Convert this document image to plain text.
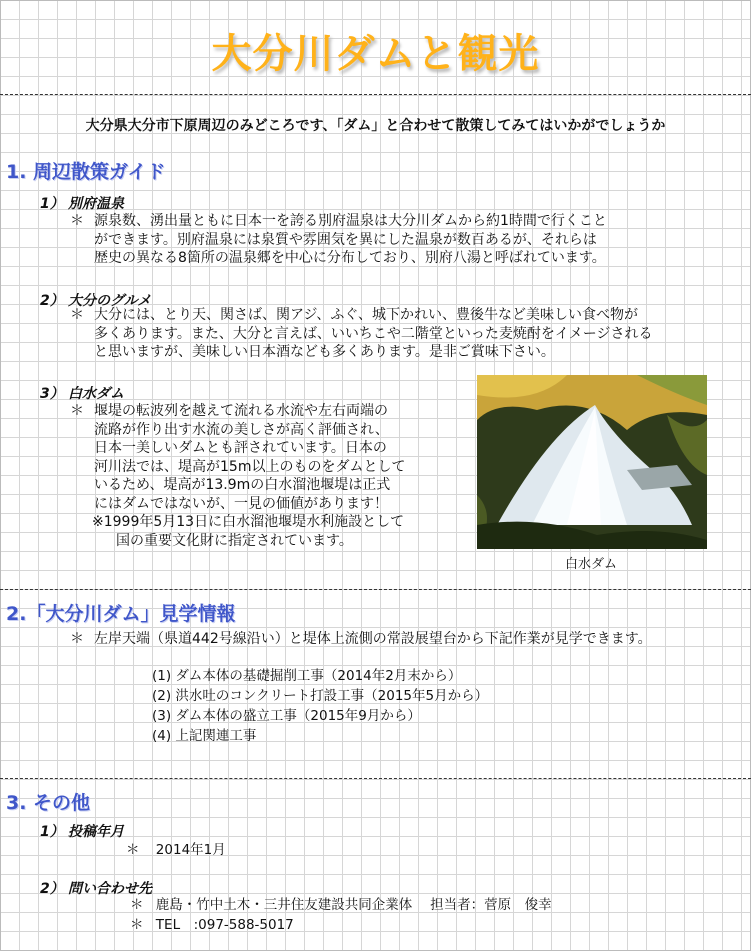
大分川ダムと観光
大分県大分市下原周辺のみどころです、「ダム」と合わせて散策してみてはいかがでしょうか
1. 周辺散策ガイド
1） 別府温泉
＊ 源泉数、湧出量ともに日本一を誇る別府温泉は大分川ダムから約1時間で行くこと
ができます。別府温泉には泉質や雰囲気を異にした温泉が数百あるが、それらは
歴史の異なる8箇所の温泉郷を中心に分布しており、別府八湯と呼ばれています。
2） 大分のグルメ
＊ 大分には、とり天、関さば、関アジ、ふぐ、城下かれい、豊後牛など美味しい食べ物が
多くあります。また、大分と言えば、いいちこや二階堂といった麦焼酎をイメージされる
と思いますが、美味しい日本酒なども多くあります。是非ご賞味下さい。
3） 白水ダム
＊ 堰堤の転波列を越えて流れる水流や左右両端の
流路が作り出す水流の美しさが高く評価され、
日本一美しいダムとも評されています。日本の
河川法では、堤高が15m以上のものをダムとして
いるため、堤高が13.9mの白水溜池堰堤は正式
にはダムではないが、一見の価値があります！
※1999年5月13日に白水溜池堰堤水利施設として
国の重要文化財に指定されています。
白水ダム
2.「大分川ダム」見学情報
＊ 左岸天端（県道442号線沿い）と堤体上流側の常設展望台から下記作業が見学できます。
(1) ダム本体の基礎掘削工事（2014年2月末から）
(2) 洪水吐のコンクリート打設工事（2015年5月から）
(3) ダム本体の盛立工事（2015年9月から）
(4) 上記関連工事
3. その他
1） 投稿年月
＊ 2014年1月
2） 問い合わせ先
＊ 鹿島・竹中土木・三井住友建設共同企業体　 担当者：菅原　俊幸
＊ TEL　:097-588-5017
